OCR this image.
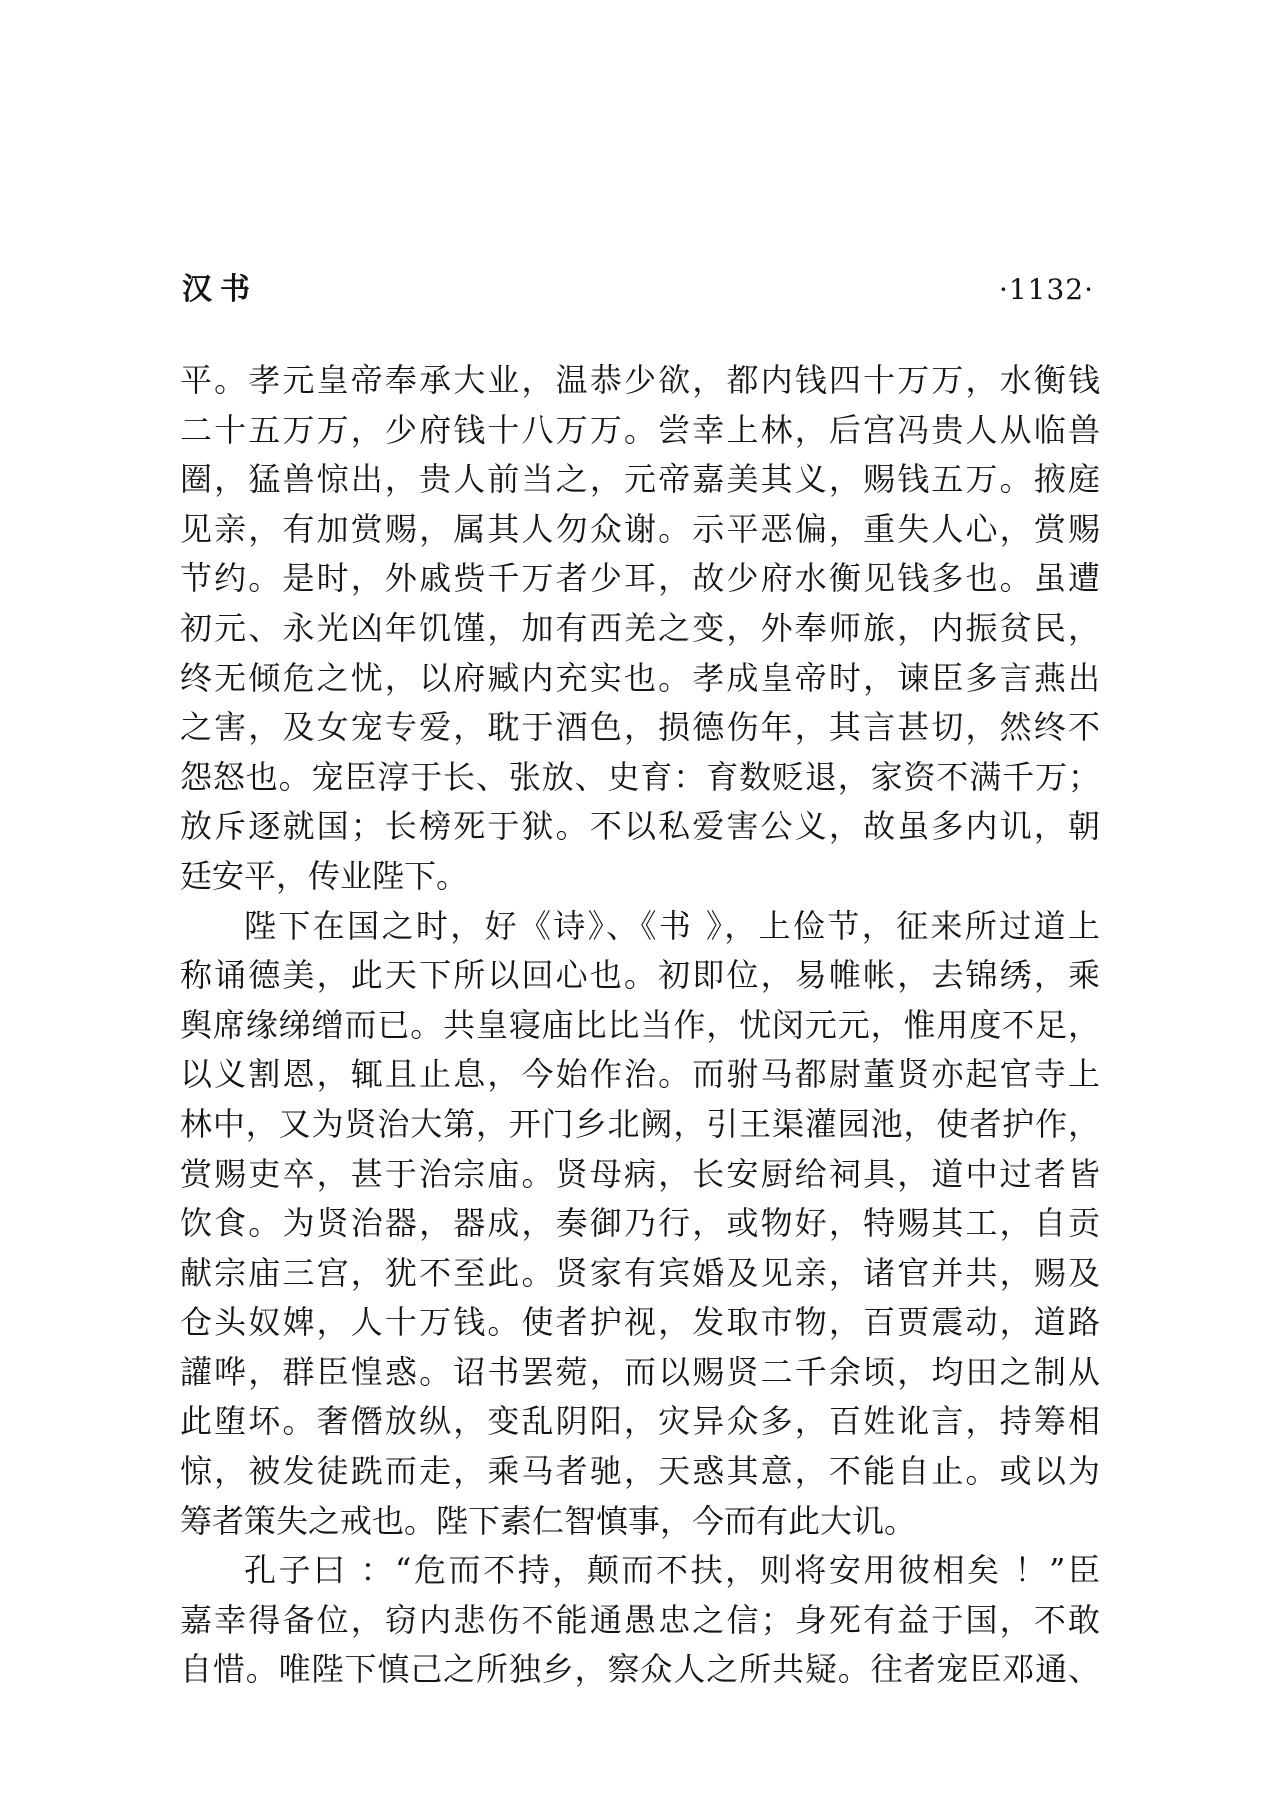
汉书	·1132·
平。孝元皇帝奉承大业，温恭少欲，都内钱四十万万，水衡钱
二十五万万，少府钱十八万万。尝幸上林，后宫冯贵人从临兽
圈，猛兽惊出，贵人前当之，元帝嘉美其义，赐钱五万。掖庭
见亲，有加赏赐，属其人勿众谢。示平恶偏，重失人心，赏赐
节约。是时，外戚赀千万者少耳，故少府水衡见钱多也。虽遭
初元、永光凶年饥馑，加有西羌之变，外奉师旅，内振贫民，
终无倾危之忧，以府臧内充实也。孝成皇帝时，谏臣多言燕出
之害，及女宠专爱，耽于酒色，损德伤年，其言甚切，然终不
怨怒也。宠臣淳于长、张放、史育：育数贬退，家资不满千万；
放斥逐就国；长榜死于狱。不以私爱害公义，故虽多内讥，朝
廷安平，传业陛下。
陛下在国之时，好《诗》、《书 》，上俭节，征来所过道上
称诵德美，此天下所以回心也。初即位，易帷帐，去锦绣，乘
舆席缘绨缯而已。共皇寝庙比比当作，忧闵元元，惟用度不足，
以义割恩，辄且止息，今始作治。而驸马都尉董贤亦起官寺上
林中，又为贤治大第，开门乡北阙，引王渠灌园池，使者护作，
赏赐吏卒，甚于治宗庙。贤母病，长安厨给祠具，道中过者皆
饮食。为贤治器，器成，奏御乃行，或物好，特赐其工，自贡
献宗庙三宫，犹不至此。贤家有宾婚及见亲，诸官并共，赐及
仓头奴婢，人十万钱。使者护视，发取市物，百贾震动，道路
讙哗，群臣惶惑。诏书罢菀，而以赐贤二千余顷，均田之制从
此堕坏。奢僭放纵，变乱阴阳，灾异众多，百姓讹言，持筹相
惊，被发徒跣而走，乘马者驰，天惑其意，不能自止。或以为
筹者策失之戒也。陛下素仁智慎事，今而有此大讥。
孔子曰 ：“危而不持，颠而不扶，则将安用彼相矣 ！”臣
嘉幸得备位，窃内悲伤不能通愚忠之信；身死有益于国，不敢
自惜。唯陛下慎己之所独乡，察众人之所共疑。往者宠臣邓通、
